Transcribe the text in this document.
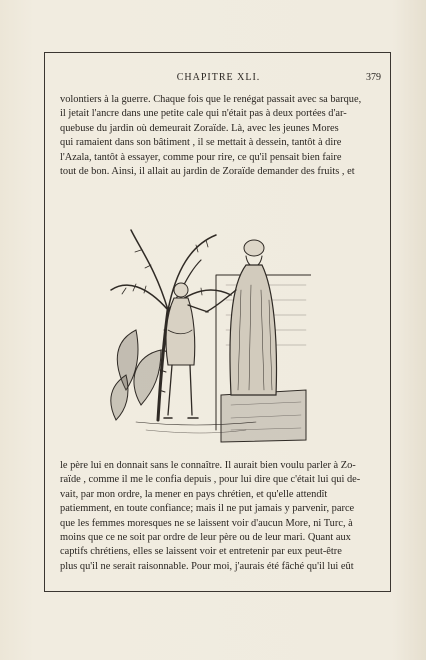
CHAPITRE XLI.	379
volontiers à la guerre. Chaque fois que le renégat passait avec sa barque,
il jetait l'ancre dans une petite cale qui n'était pas à deux portées d'ar-
quebuse du jardin où demeurait Zoraïde. Là, avec les jeunes Mores
qui ramaient dans son bâtiment , il se mettait à dessein, tantôt à dire
l'Azala, tantôt à essayer, comme pour rire, ce qu'il pensait bien faire
tout de bon. Ainsi, il allait au jardin de Zoraïde demander des fruits , et
le père lui en donnait sans le connaître. Il aurait bien voulu parler à Zo-
raïde , comme il me le confia depuis , pour lui dire que c'était lui qui de-
vait, par mon ordre, la mener en pays chrétien, et qu'elle attendît
patiemment, en toute confiance; mais il ne put jamais y parvenir, parce
que les femmes moresques ne se laissent voir d'aucun More, ni Turc, à
moins que ce ne soit par ordre de leur père ou de leur mari. Quant aux
captifs chrétiens, elles se laissent voir et entretenir par eux peut-être
plus qu'il ne serait raisonnable. Pour moi, j'aurais été fâché qu'il lui eût
